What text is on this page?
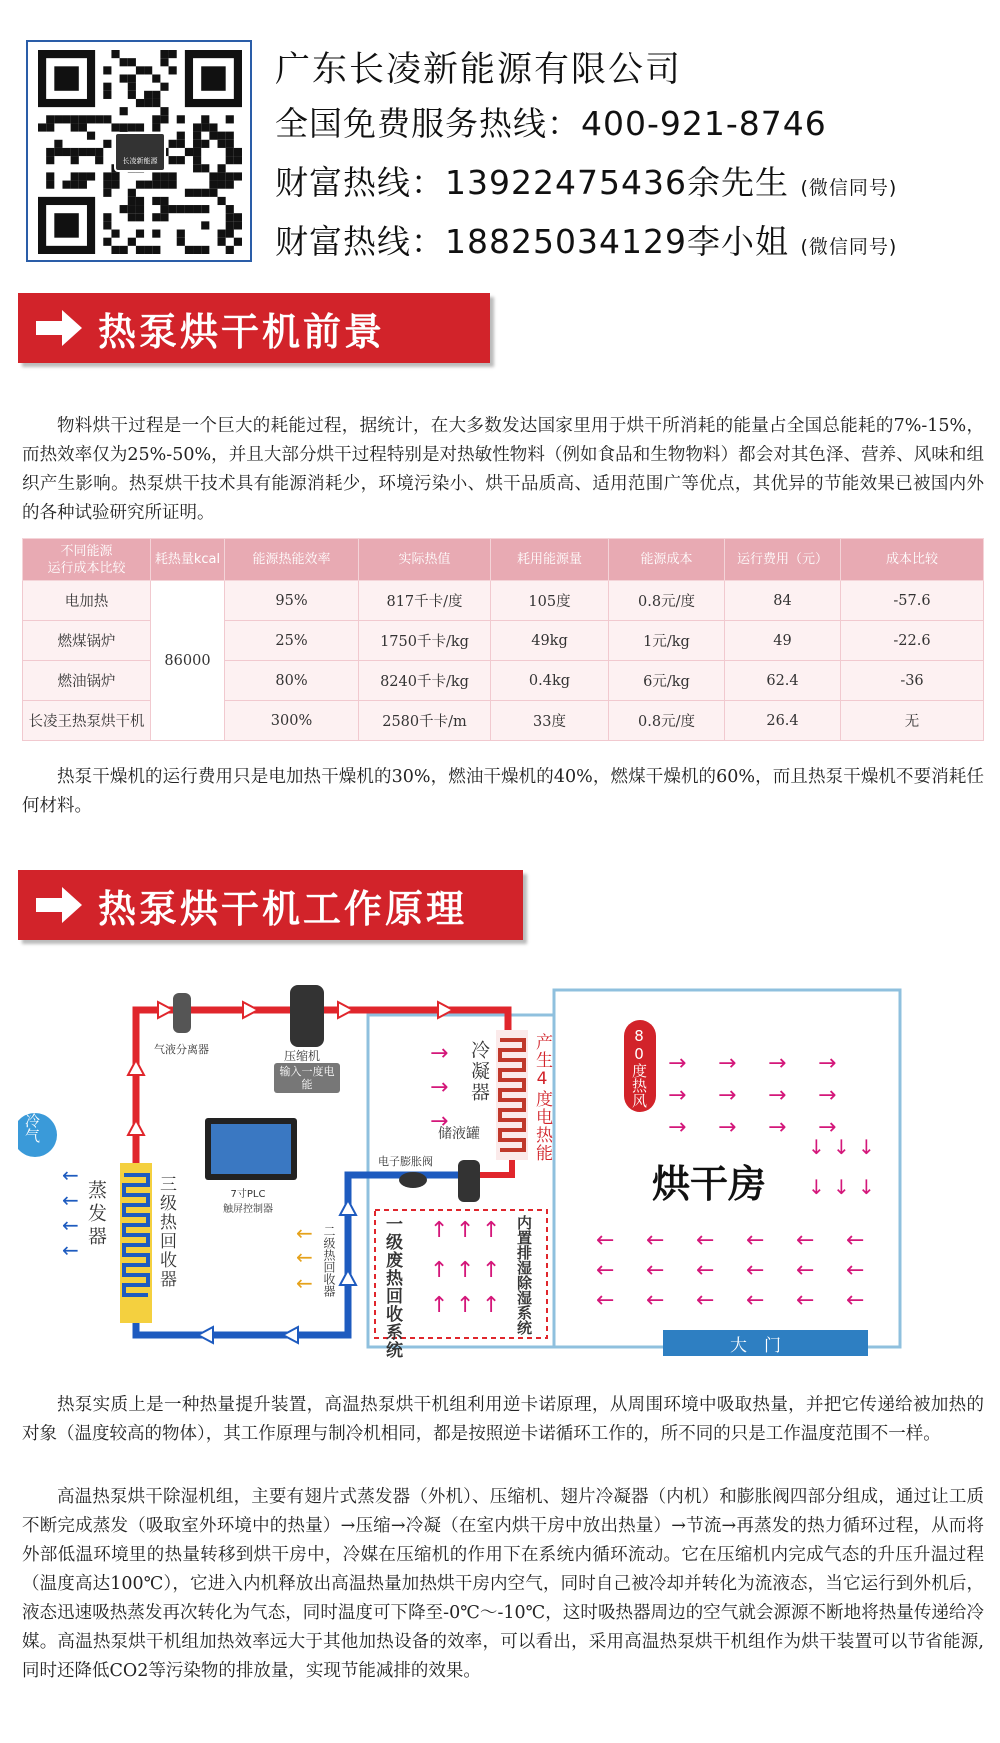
长凌新能源
广东长凌新能源有限公司
全国免费服务热线：400-921-8746
财富热线：13922475436余先生 (微信同号)
财富热线：18825034129李小姐 (微信同号)
热泵烘干机前景
物料烘干过程是一个巨大的耗能过程，据统计，在大多数发达国家里用于烘干所消耗的能量占全国总能耗的7%-15%，而热效率仅为25%-50%，并且大部分烘干过程特别是对热敏性物料（例如食品和生物物料）都会对其色泽、营养、风味和组织产生影响。热泵烘干技术具有能源消耗少，环境污染小、烘干品质高、适用范围广等优点，其优异的节能效果已被国内外的各种试验研究所证明。
不同能源
运行成本比较	耗热量kcal	能源热能效率	实际热值	耗用能源量	能源成本	运行费用（元）	成本比较
电加热	86000	95%	817千卡/度	105度	0.8元/度	84	-57.6
燃煤锅炉		25%	1750千卡/kg	49kg	1元/kg	49	-22.6
燃油锅炉		80%	8240千卡/kg	0.4kg	6元/kg	62.4	-36
长凌王热泵烘干机		300%	2580千卡/m	33度	0.8元/度	26.4	无
热泵干燥机的运行费用只是电加热干燥机的30%，燃油干燥机的40%，燃煤干燥机的60%，而且热泵干燥机不要消耗任何材料。
热泵烘干机工作原理
气液分离器	压缩机
输入一度电能
7寸PLC
触屏控制器
冷凝器 产生4度电热能	80度热风
烘干房
储液罐
电子膨胀阀
蒸发器
冷气
三级热回收器	二级热回收器	一级废热回收系统	内置排湿除湿系统
大　门
→
→
→
→
→
→
→ → →
→ → →
→ → →
↓ ↓ ↓
↓ ↓ ↓
← ← ← ← ← ←
← ← ← ← ← ←
← ← ← ← ← ←
↑ ↑ ↑
↑ ↑ ↑
↑ ↑ ↑
←
←
←
←
←
←
←
热泵实质上是一种热量提升装置，高温热泵烘干机组利用逆卡诺原理，从周围环境中吸取热量，并把它传递给被加热的对象（温度较高的物体），其工作原理与制冷机相同，都是按照逆卡诺循环工作的，所不同的只是工作温度范围不一样。
高温热泵烘干除湿机组，主要有翅片式蒸发器（外机）、压缩机、翅片冷凝器（内机）和膨胀阀四部分组成，通过让工质不断完成蒸发（吸取室外环境中的热量）→压缩→冷凝（在室内烘干房中放出热量）→节流→再蒸发的热力循环过程，从而将外部低温环境里的热量转移到烘干房中，冷媒在压缩机的作用下在系统内循环流动。它在压缩机内完成气态的升压升温过程（温度高达100℃），它进入内机释放出高温热量加热烘干房内空气，同时自己被冷却并转化为流液态，当它运行到外机后，液态迅速吸热蒸发再次转化为气态，同时温度可下降至-0℃～-10℃，这时吸热器周边的空气就会源源不断地将热量传递给冷媒。高温热泵烘干机组加热效率远大于其他加热设备的效率，可以看出，采用高温热泵烘干机组作为烘干装置可以节省能源,同时还降低CO2等污染物的排放量，实现节能减排的效果。
